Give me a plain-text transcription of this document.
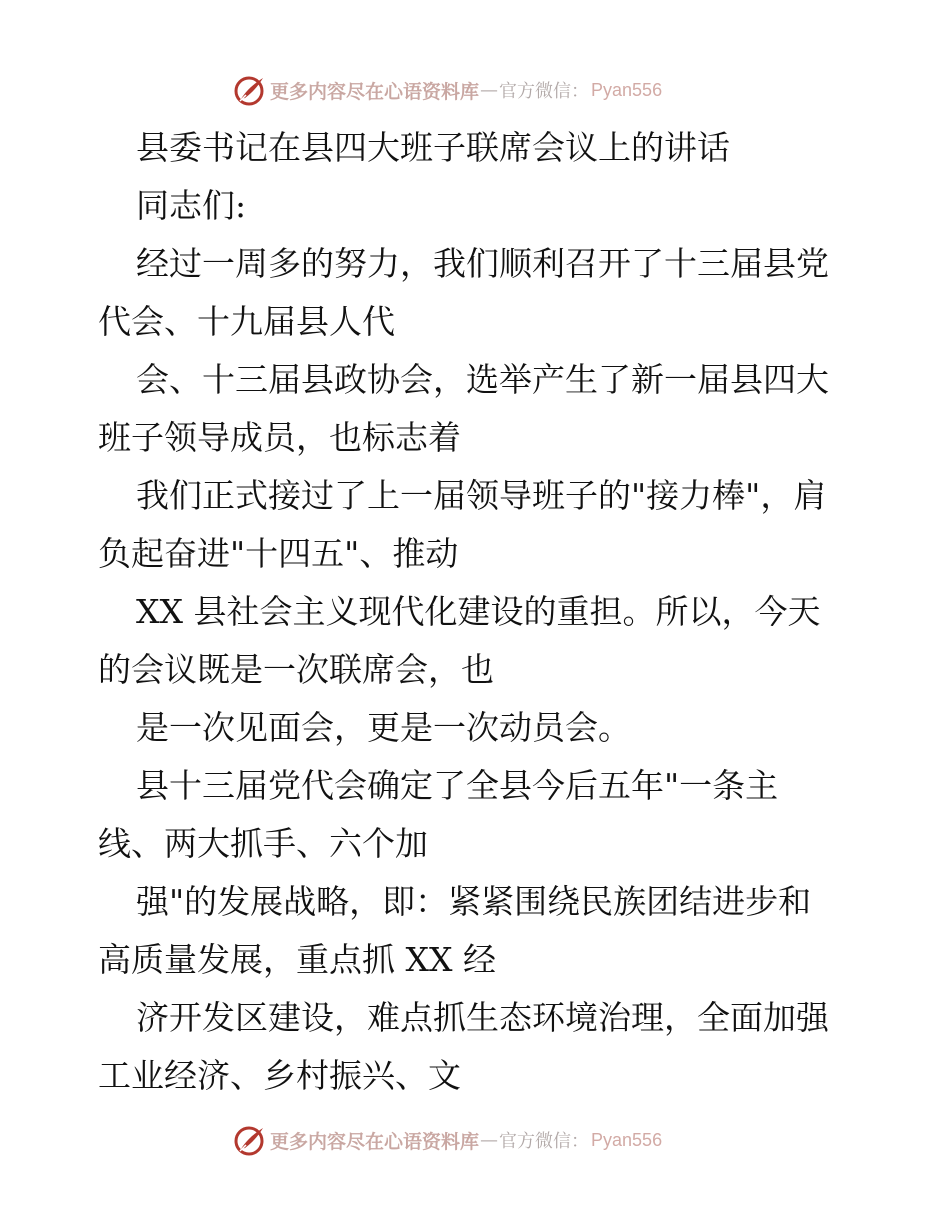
更多内容尽在心语资料库 — 官方微信： Pyan556
县委书记在县四大班子联席会议上的讲话
同志们:
经过一周多的努力，我们顺利召开了十三届县党
代会、十九届县人代
会、十三届县政协会，选举产生了新一届县四大
班子领导成员，也标志着
我们正式接过了上一届领导班子的"接力棒"，肩
负起奋进"十四五"、推动
XX 县社会主义现代化建设的重担。所以，今天
的会议既是一次联席会，也
是一次见面会，更是一次动员会。
县十三届党代会确定了全县今后五年"一条主
线、两大抓手、六个加
强"的发展战略，即：紧紧围绕民族团结进步和
高质量发展，重点抓 XX 经
济开发区建设，难点抓生态环境治理，全面加强
工业经济、乡村振兴、文
更多内容尽在心语资料库 — 官方微信： Pyan556
